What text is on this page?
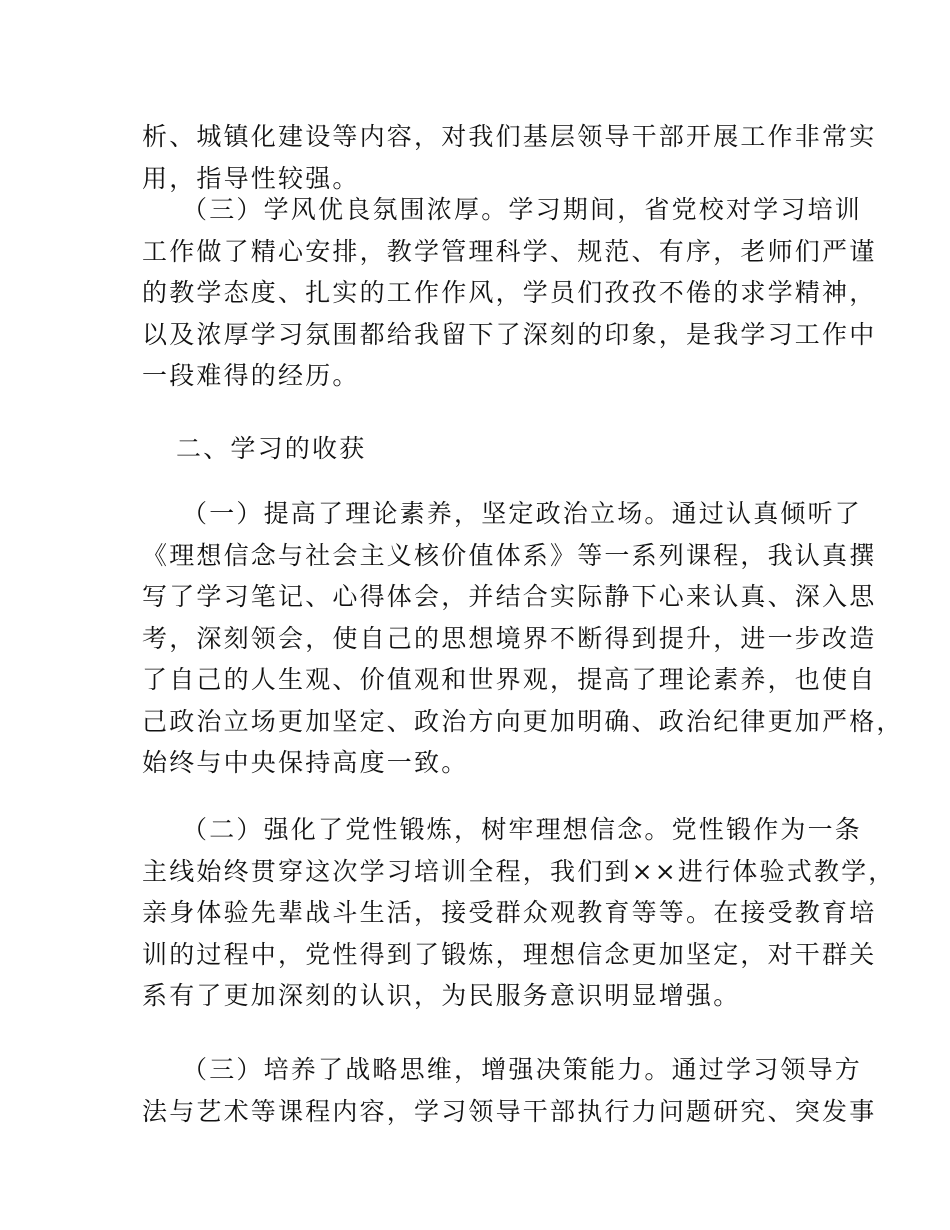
析、城镇化建设等内容，对我们基层领导干部开展工作非常实
用，指导性较强。
（三）学风优良氛围浓厚。学习期间，省党校对学习培训
工作做了精心安排，教学管理科学、规范、有序，老师们严谨
的教学态度、扎实的工作作风，学员们孜孜不倦的求学精神，
以及浓厚学习氛围都给我留下了深刻的印象，是我学习工作中
一段难得的经历。
二、学习的收获
（一）提高了理论素养，坚定政治立场。通过认真倾听了
《理想信念与社会主义核价值体系》等一系列课程，我认真撰
写了学习笔记、心得体会，并结合实际静下心来认真、深入思
考，深刻领会，使自己的思想境界不断得到提升，进一步改造
了自己的人生观、价值观和世界观，提高了理论素养，也使自
己政治立场更加坚定、政治方向更加明确、政治纪律更加严格，
始终与中央保持高度一致。
（二）强化了党性锻炼，树牢理想信念。党性锻作为一条
主线始终贯穿这次学习培训全程，我们到××进行体验式教学，
亲身体验先辈战斗生活，接受群众观教育等等。在接受教育培
训的过程中，党性得到了锻炼，理想信念更加坚定，对干群关
系有了更加深刻的认识，为民服务意识明显增强。
（三）培养了战略思维，增强决策能力。通过学习领导方
法与艺术等课程内容，学习领导干部执行力问题研究、突发事
